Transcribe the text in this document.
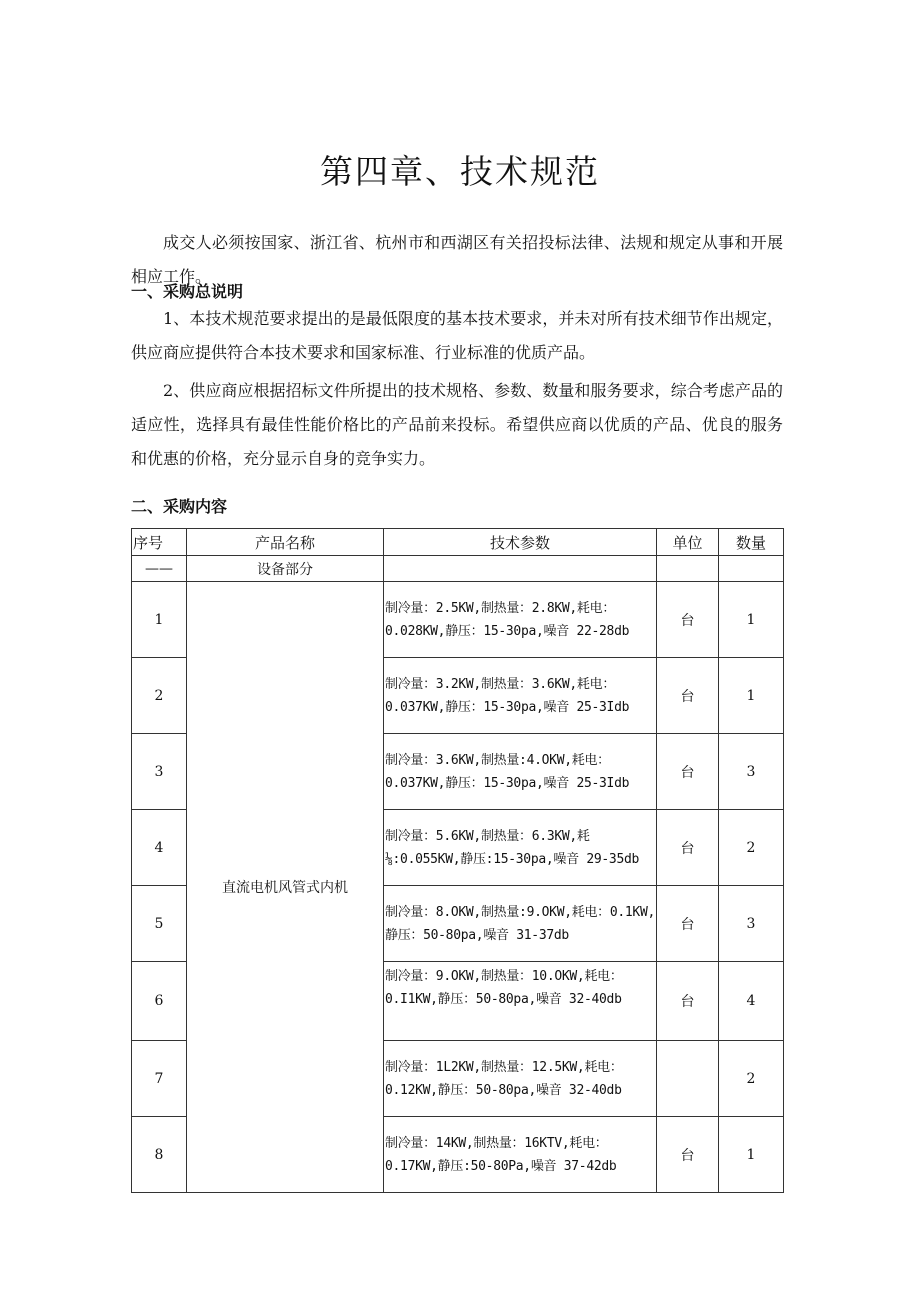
第四章、技术规范

成交人必须按国家、浙江省、杭州市和西湖区有关招投标法律、法规和规定从事和开展相应工作。

一、采购总说明

1、本技术规范要求提出的是最低限度的基本技术要求，并未对所有技术细节作出规定，供应商应提供符合本技术要求和国家标准、行业标准的优质产品。

2、供应商应根据招标文件所提出的技术规格、参数、数量和服务要求，综合考虑产品的适应性，选择具有最佳性能价格比的产品前来投标。希望供应商以优质的产品、优良的服务和优惠的价格，充分显示自身的竞争实力。

二、采购内容

序号	产品名称	技术参数	单位	数量
——	设备部分			
1	直流电机风管式内机	制冷量：2.5KW,制热量：2.8KW,耗电：0.028KW,静压：15-30pa,噪音 22-28db	台	1
2		制冷量：3.2KW,制热量：3.6KW,耗电：0.037KW,静压：15-30pa,噪音 25-3Idb	台	1
3		制冷量：3.6KW,制热量:4.OKW,耗电：0.037KW,静压：15-30pa,噪音 25-3Idb	台	3
4		制冷量：5.6KW,制热量：6.3KW,耗⅛:0.055KW,静压:15-30pa,噪音 29-35db	台	2
5		制冷量：8.OKW,制热量:9.OKW,耗电：0.1KW,静压：50-80pa,噪音 31-37db	台	3
6		制冷量：9.OKW,制热量：10.OKW,耗电：0.I1KW,静压：50-80pa,噪音 32-40db	台	4
7		制冷量：1L2KW,制热量：12.5KW,耗电：0.12KW,静压：50-80pa,噪音 32-40db		2
8		制冷量：14KW,制热量：16KTV,耗电：0.17KW,静压:50-80Pa,噪音 37-42db	台	1
